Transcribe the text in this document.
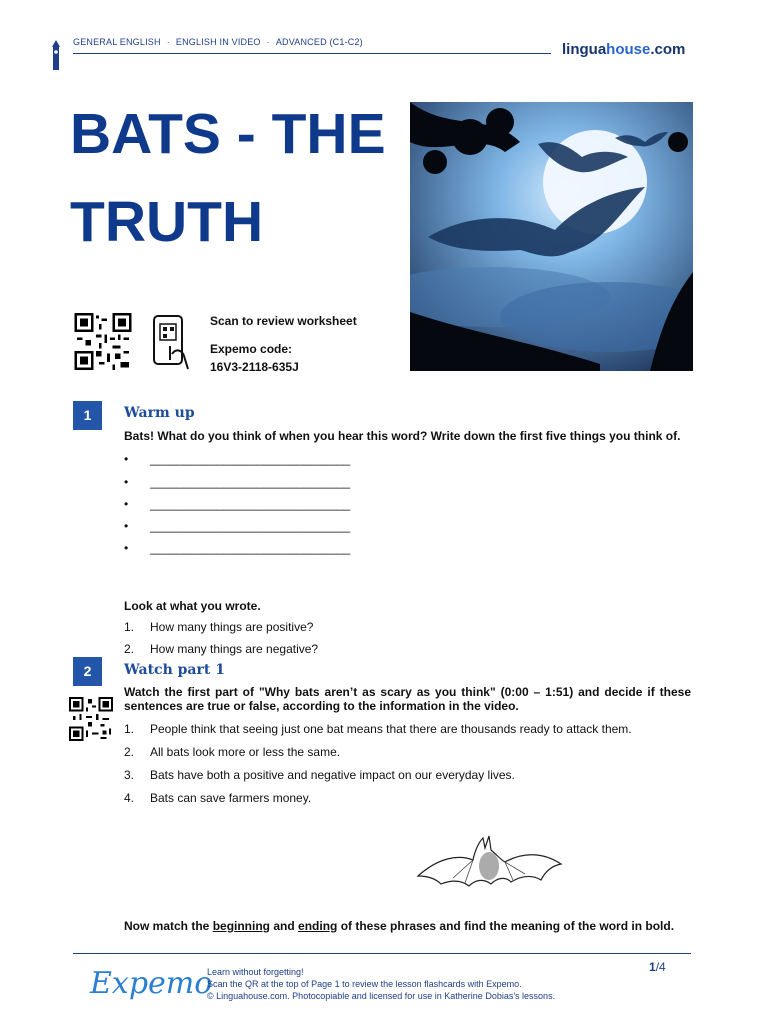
GENERAL ENGLISH · ENGLISH IN VIDEO · ADVANCED (C1-C2)	linguahouse.com
BATS - THE
TRUTH
Scan to review worksheet
Expemo code:
16V3-2118-635J
1	Warm up
Bats! What do you think of when you hear this word? Write down the first five things you think of.
• ______________________________
• ______________________________
• ______________________________
• ______________________________
• ______________________________
Look at what you wrote.
1. How many things are positive?
2. How many things are negative?
2	Watch part 1
Watch the first part of "Why bats aren’t as scary as you think" (0:00 – 1:51) and decide if these sentences are true or false, according to the information in the video.
1. People think that seeing just one bat means that there are thousands ready to attack them.
2. All bats look more or less the same.
3. Bats have both a positive and negative impact on our everyday lives.
4. Bats can save farmers money.
Now match the beginning and ending of these phrases and find the meaning of the word in bold.
Expemo
Learn without forgetting!
Scan the QR at the top of Page 1 to review the lesson flashcards with Expemo.
© Linguahouse.com. Photocopiable and licensed for use in Katherine Dobias's lessons.
1/4
